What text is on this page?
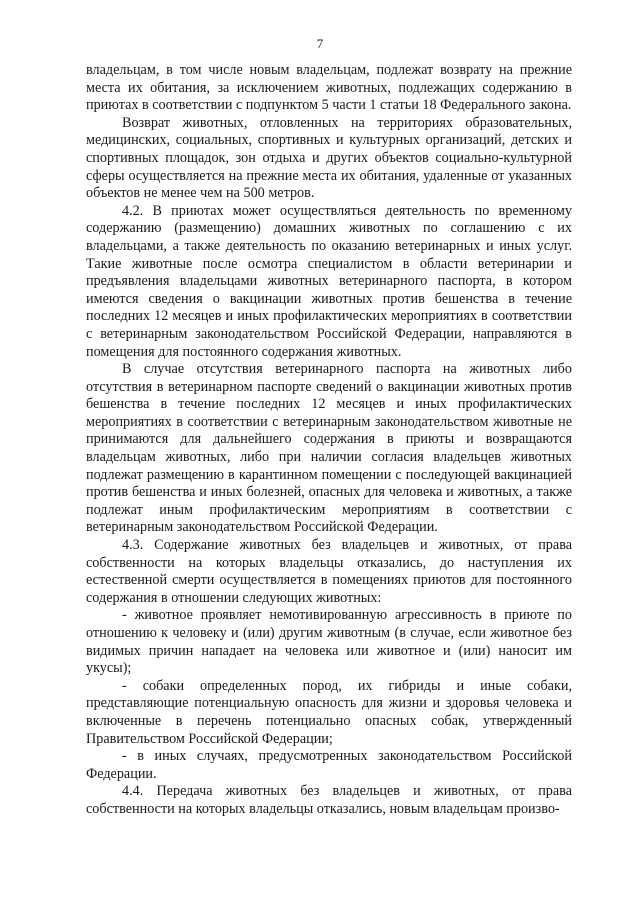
7

владельцам, в том числе новым владельцам, подлежат возврату на прежние места их обитания, за исключением животных, подлежащих содержанию в приютах в соответствии с подпунктом 5 части 1 статьи 18 Федерального закона.

Возврат животных, отловленных на территориях образовательных, медицинских, социальных, спортивных и культурных организаций, детских и спортивных площадок, зон отдыха и других объектов социально-культурной сферы осуществляется на прежние места их обитания, удаленные от указанных объектов не менее чем на 500 метров.

4.2. В приютах может осуществляться деятельность по временному содержанию (размещению) домашних животных по соглашению с их владельцами, а также деятельность по оказанию ветеринарных и иных услуг. Такие животные после осмотра специалистом в области ветеринарии и предъявления владельцами животных ветеринарного паспорта, в котором имеются сведения о вакцинации животных против бешенства в течение последних 12 месяцев и иных профилактических мероприятиях в соответствии с ветеринарным законодательством Российской Федерации, направляются в помещения для постоянного содержания животных.

В случае отсутствия ветеринарного паспорта на животных либо отсутствия в ветеринарном паспорте сведений о вакцинации животных против бешенства в течение последних 12 месяцев и иных профилактических мероприятиях в соответствии с ветеринарным законодательством животные не принимаются для дальнейшего содержания в приюты и возвращаются владельцам животных, либо при наличии согласия владельцев животных подлежат размещению в карантинном помещении с последующей вакцинацией против бешенства и иных болезней, опасных для человека и животных, а также подлежат иным профилактическим мероприятиям в соответствии с ветеринарным законодательством Российской Федерации.

4.3. Содержание животных без владельцев и животных, от права собственности на которых владельцы отказались, до наступления их естественной смерти осуществляется в помещениях приютов для постоянного содержания в отношении следующих животных:

- животное проявляет немотивированную агрессивность в приюте по отношению к человеку и (или) другим животным (в случае, если животное без видимых причин нападает на человека или животное и (или) наносит им укусы);

- собаки определенных пород, их гибриды и иные собаки, представляющие потенциальную опасность для жизни и здоровья человека и включенные в перечень потенциально опасных собак, утвержденный Правительством Российской Федерации;

- в иных случаях, предусмотренных законодательством Российской Федерации.

4.4. Передача животных без владельцев и животных, от права собственности на которых владельцы отказались, новым владельцам произво-
